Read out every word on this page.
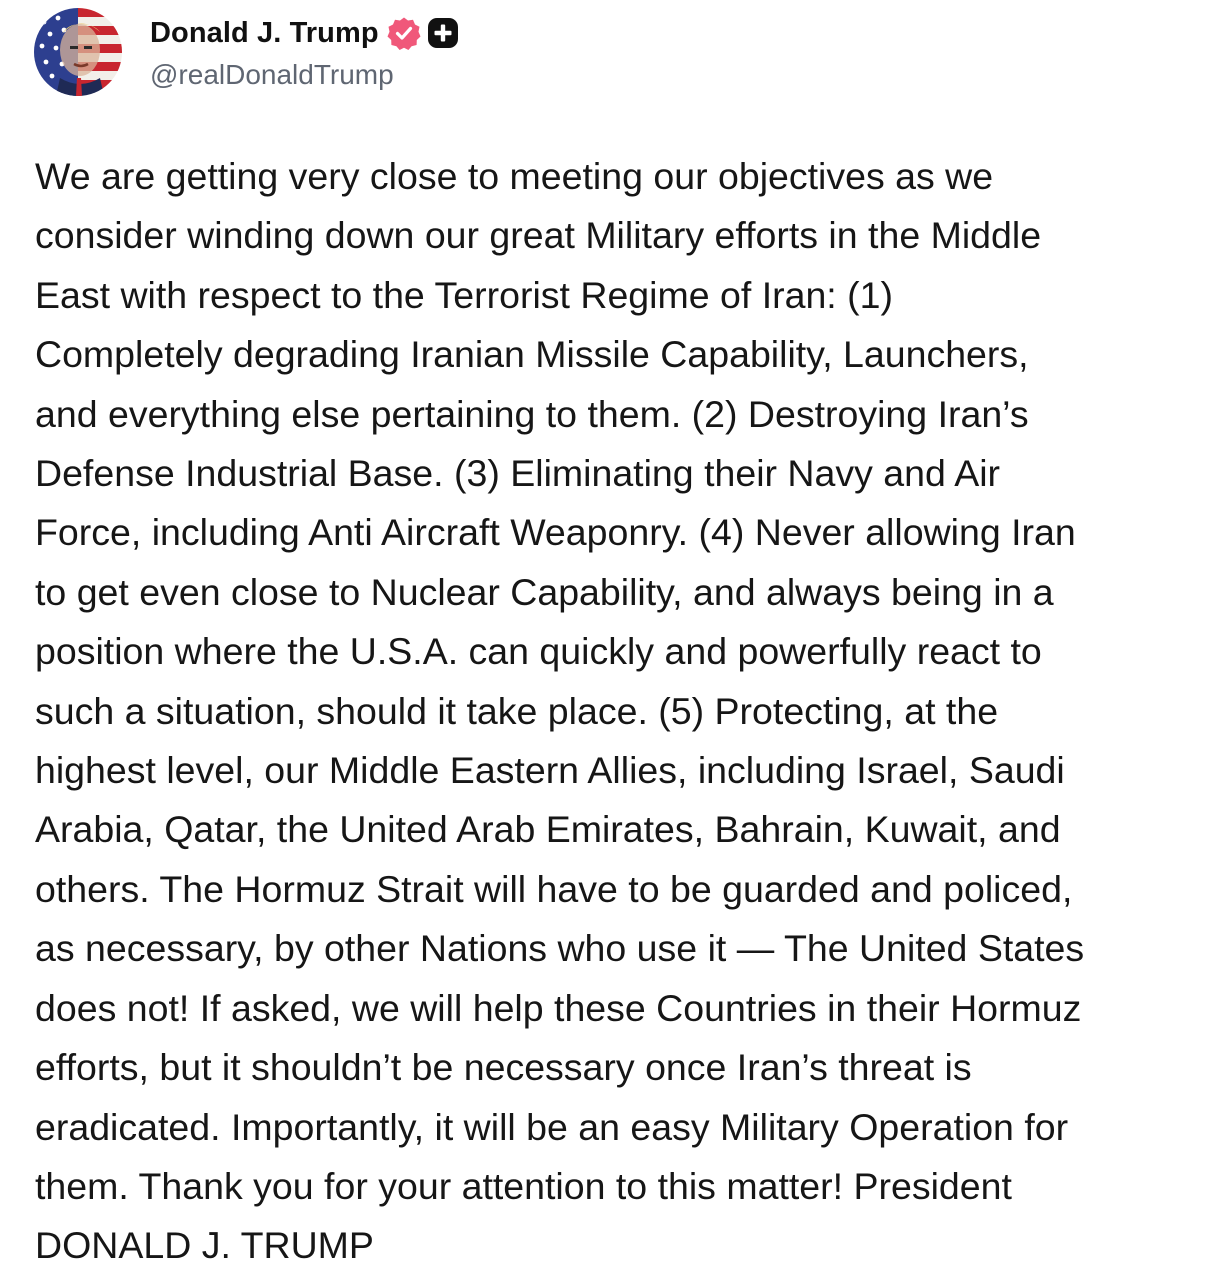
Donald J. Trump
@realDonaldTrump
We are getting very close to meeting our objectives as we
consider winding down our great Military efforts in the Middle
East with respect to the Terrorist Regime of Iran: (1)
Completely degrading Iranian Missile Capability, Launchers,
and everything else pertaining to them. (2) Destroying Iran’s
Defense Industrial Base. (3) Eliminating their Navy and Air
Force, including Anti Aircraft Weaponry. (4) Never allowing Iran
to get even close to Nuclear Capability, and always being in a
position where the U.S.A. can quickly and powerfully react to
such a situation, should it take place. (5) Protecting, at the
highest level, our Middle Eastern Allies, including Israel, Saudi
Arabia, Qatar, the United Arab Emirates, Bahrain, Kuwait, and
others. The Hormuz Strait will have to be guarded and policed,
as necessary, by other Nations who use it — The United States
does not! If asked, we will help these Countries in their Hormuz
efforts, but it shouldn’t be necessary once Iran’s threat is
eradicated. Importantly, it will be an easy Military Operation for
them. Thank you for your attention to this matter! President
DONALD J. TRUMP
